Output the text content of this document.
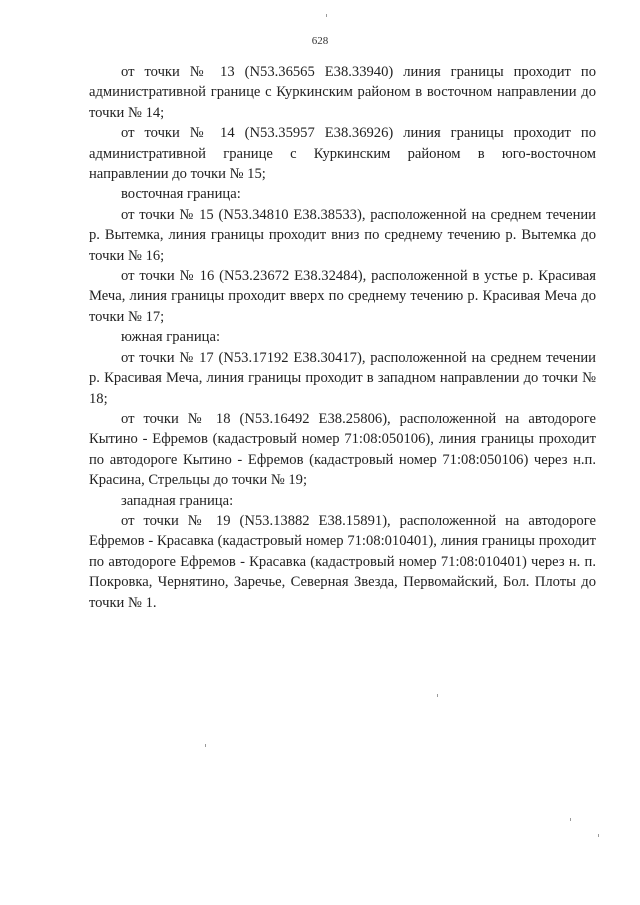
628

от точки № 13 (N53.36565 E38.33940) линия границы проходит по административной границе с Куркинским районом в восточном направлении до точки № 14;

от точки № 14 (N53.35957 E38.36926) линия границы проходит по административной границе с Куркинским районом в юго-восточном направлении до точки № 15;

восточная граница:

от точки № 15 (N53.34810 E38.38533), расположенной на среднем течении р. Вытемка, линия границы проходит вниз по среднему течению р. Вытемка до точки № 16;

от точки № 16 (N53.23672 E38.32484), расположенной в устье р. Красивая Меча, линия границы проходит вверх по среднему течению р. Красивая Меча до точки № 17;

южная граница:

от точки № 17 (N53.17192 E38.30417), расположенной на среднем течении р. Красивая Меча, линия границы проходит в западном направлении до точки № 18;

от точки № 18 (N53.16492 E38.25806), расположенной на автодороге Кытино - Ефремов (кадастровый номер 71:08:050106), линия границы проходит по автодороге Кытино - Ефремов (кадастровый номер 71:08:050106) через н.п. Красина, Стрельцы до точки № 19;

западная граница:

от точки № 19 (N53.13882 E38.15891), расположенной на автодороге Ефремов - Красавка (кадастровый номер 71:08:010401), линия границы проходит по автодороге Ефремов - Красавка (кадастровый номер 71:08:010401) через н. п. Покровка, Чернятино, Заречье, Северная Звезда, Первомайский, Бол. Плоты до точки № 1.
